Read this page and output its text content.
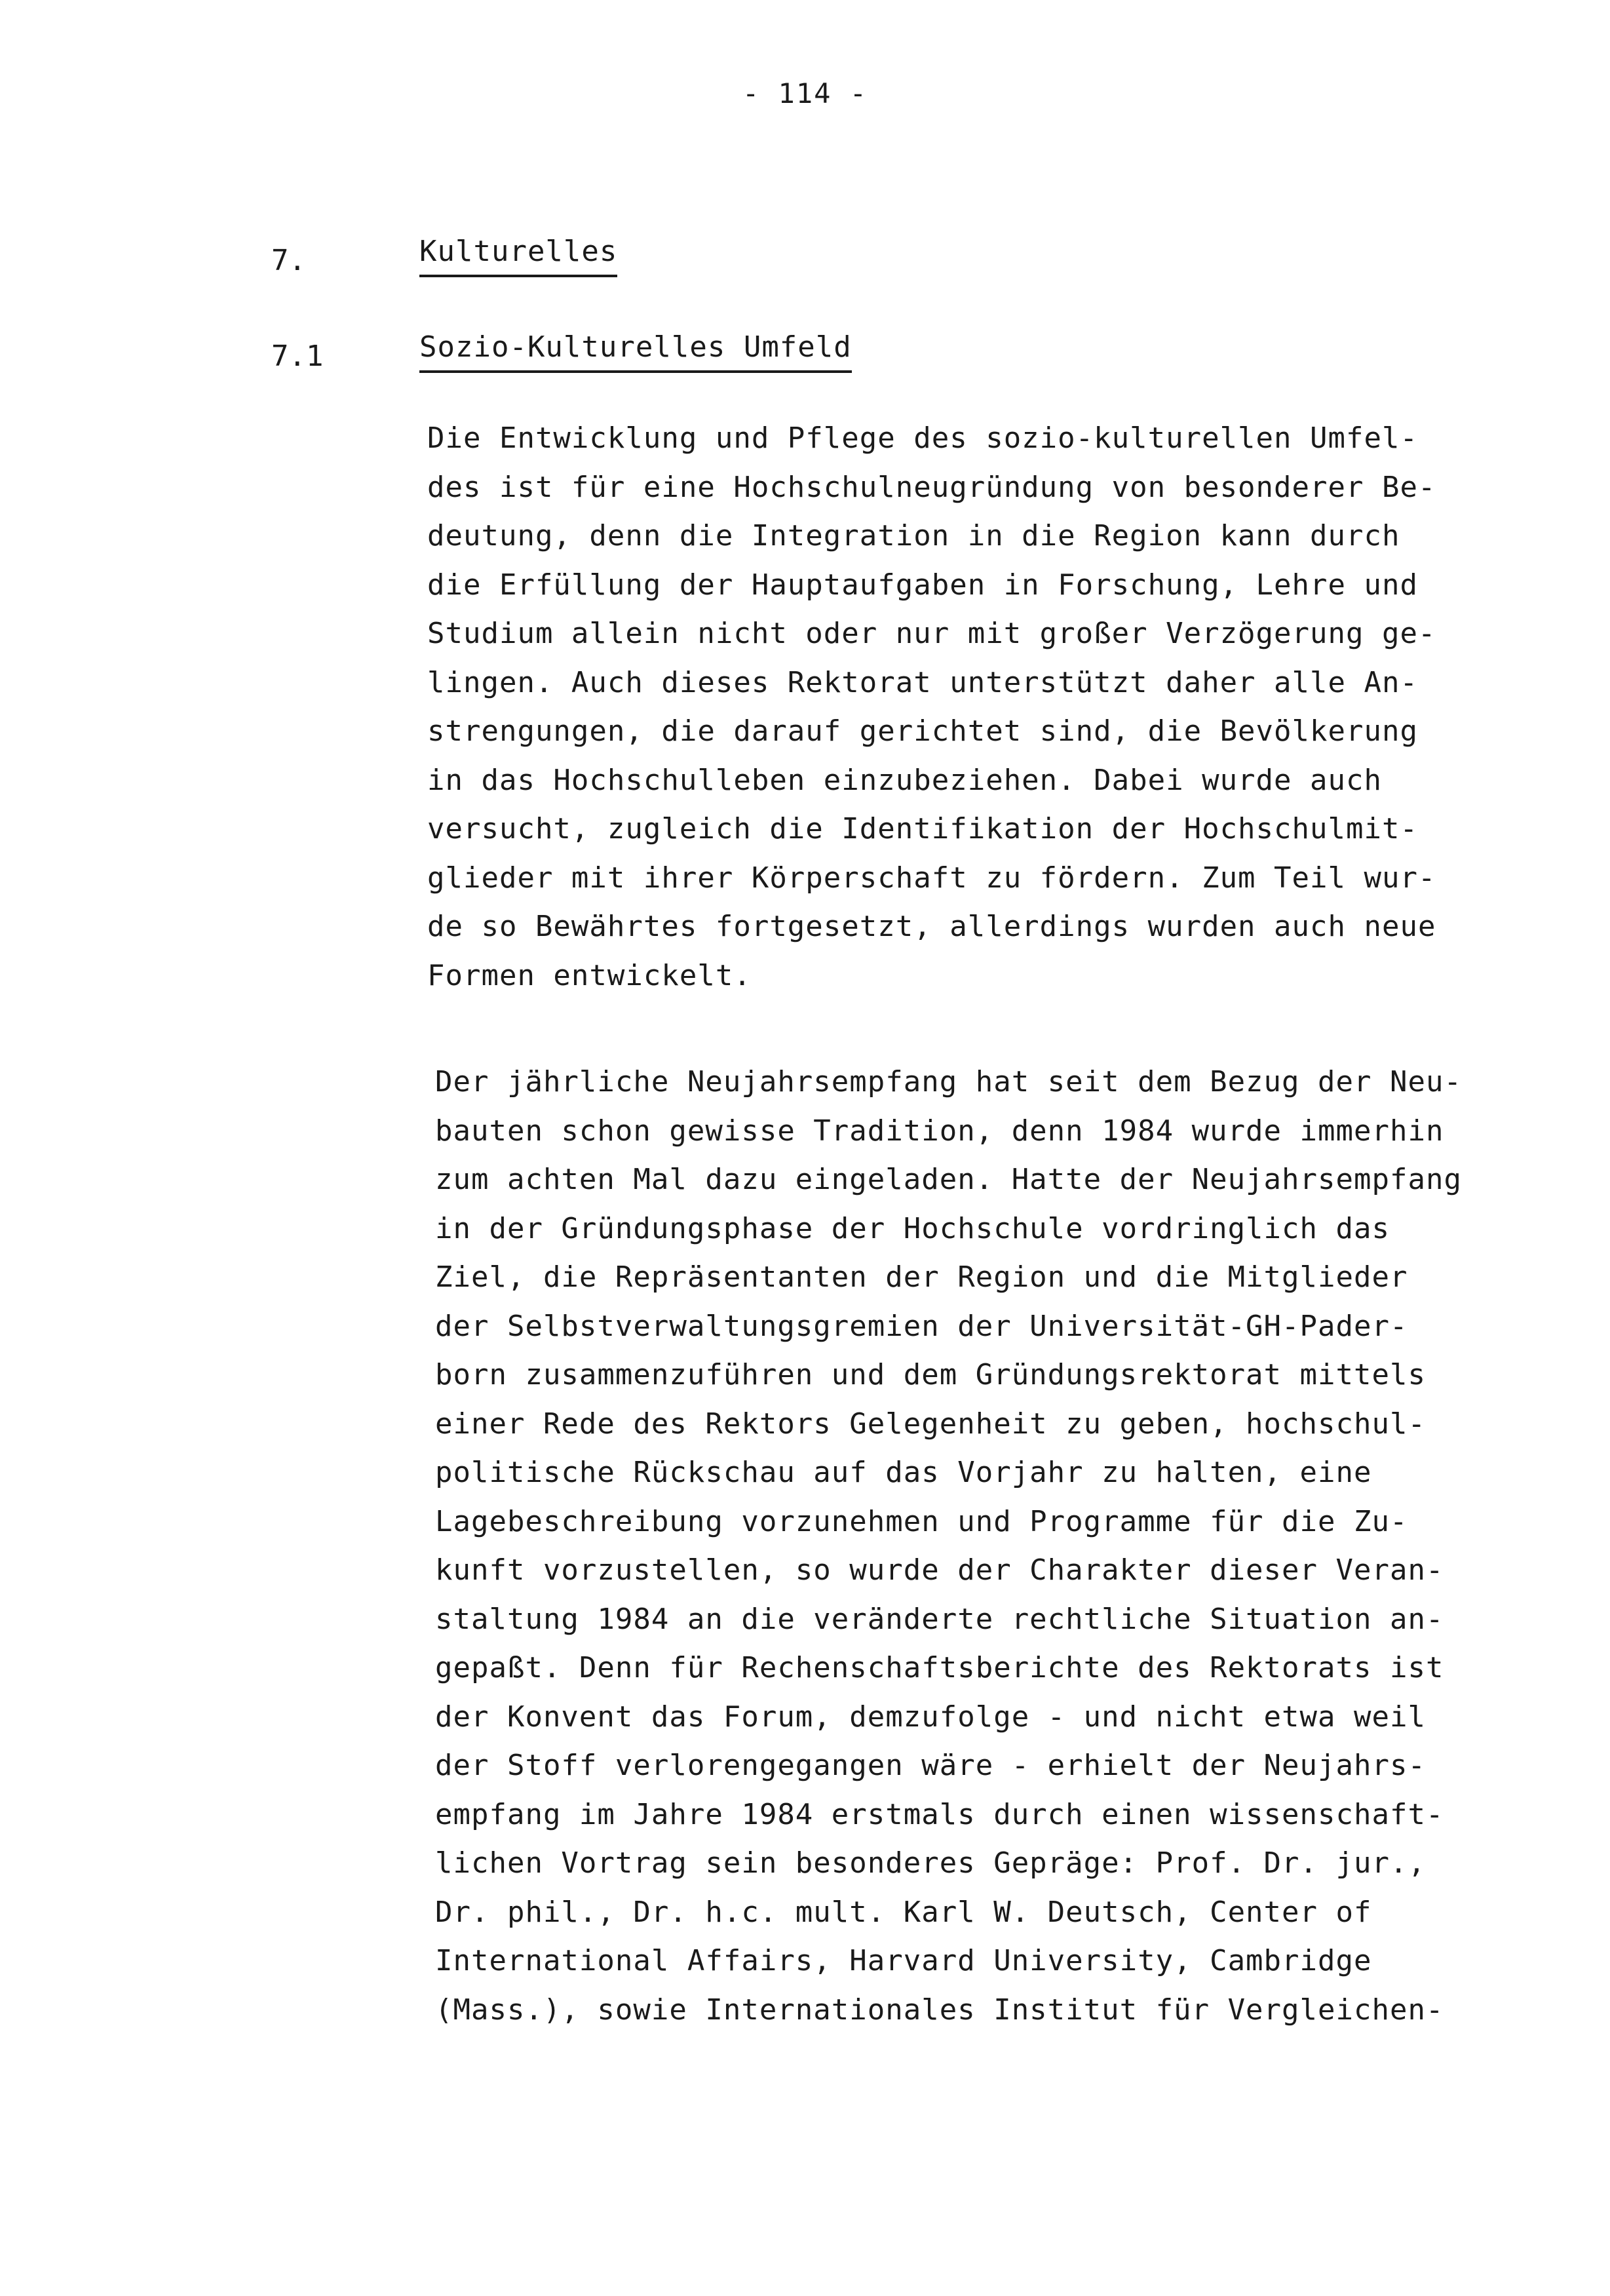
- 114 -
7.	Kulturelles
7.1	Sozio-Kulturelles Umfeld
Die Entwicklung und Pflege des sozio-kulturellen Umfel-
des ist für eine Hochschulneugründung von besonderer Be-
deutung, denn die Integration in die Region kann durch
die Erfüllung der Hauptaufgaben in Forschung, Lehre und
Studium allein nicht oder nur mit großer Verzögerung ge-
lingen. Auch dieses Rektorat unterstützt daher alle An-
strengungen, die darauf gerichtet sind, die Bevölkerung
in das Hochschulleben einzubeziehen. Dabei wurde auch
versucht, zugleich die Identifikation der Hochschulmit-
glieder mit ihrer Körperschaft zu fördern. Zum Teil wur-
de so Bewährtes fortgesetzt, allerdings wurden auch neue
Formen entwickelt.
Der jährliche Neujahrsempfang hat seit dem Bezug der Neu-
bauten schon gewisse Tradition, denn 1984 wurde immerhin
zum achten Mal dazu eingeladen. Hatte der Neujahrsempfang
in der Gründungsphase der Hochschule vordringlich das
Ziel, die Repräsentanten der Region und die Mitglieder
der Selbstverwaltungsgremien der Universität-GH-Pader-
born zusammenzuführen und dem Gründungsrektorat mittels
einer Rede des Rektors Gelegenheit zu geben, hochschul-
politische Rückschau auf das Vorjahr zu halten, eine
Lagebeschreibung vorzunehmen und Programme für die Zu-
kunft vorzustellen, so wurde der Charakter dieser Veran-
staltung 1984 an die veränderte rechtliche Situation an-
gepaßt. Denn für Rechenschaftsberichte des Rektorats ist
der Konvent das Forum, demzufolge - und nicht etwa weil
der Stoff verlorengegangen wäre - erhielt der Neujahrs-
empfang im Jahre 1984 erstmals durch einen wissenschaft-
lichen Vortrag sein besonderes Gepräge: Prof. Dr. jur.,
Dr. phil., Dr. h.c. mult. Karl W. Deutsch, Center of
International Affairs, Harvard University, Cambridge
(Mass.), sowie Internationales Institut für Vergleichen-
